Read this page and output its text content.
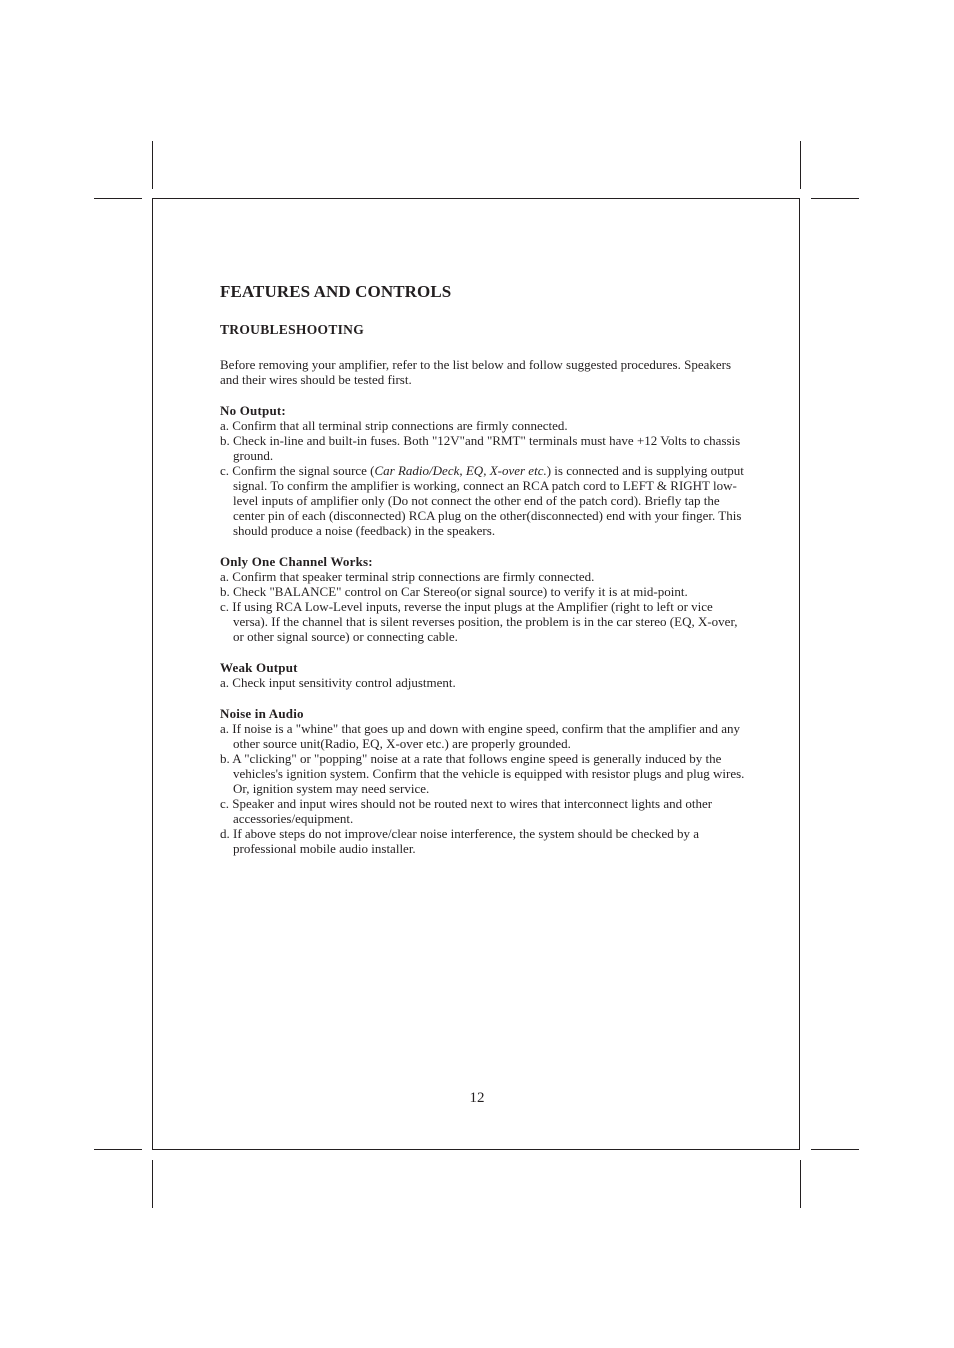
FEATURES AND CONTROLS
TROUBLESHOOTING

Before removing your amplifier, refer to the list below and follow suggested procedures. Speakers and their wires should be tested first.

No Output:

a. Confirm that all terminal strip connections are firmly connected.
b. Check in-line and built-in fuses. Both "12V"and "RMT" terminals must have +12 Volts to chassis ground.
c. Confirm the signal source (Car Radio/Deck, EQ, X-over etc.) is connected and is supplying output signal. To confirm the amplifier is working, connect an RCA patch cord to LEFT & RIGHT low-level inputs of amplifier only (Do not connect the other end of the patch cord). Briefly tap the center pin of each (disconnected) RCA plug on the other(disconnected) end with your finger. This should produce a noise (feedback) in the speakers.

Only One Channel Works:

a. Confirm that speaker terminal strip connections are firmly connected.
b. Check "BALANCE" control on Car Stereo(or signal source) to verify it is at mid-point.
c. If using RCA Low-Level inputs, reverse the input plugs at the Amplifier (right to left or vice versa). If the channel that is silent reverses position, the problem is in the car stereo (EQ, X-over, or other signal source) or connecting cable.

Weak Output

a. Check input sensitivity control adjustment.

Noise in Audio

a. If noise is a "whine" that goes up and down with engine speed, confirm that the amplifier and any other source unit(Radio, EQ, X-over etc.) are properly grounded.
b. A "clicking" or "popping" noise at a rate that follows engine speed is generally induced by the vehicles's ignition system. Confirm that the vehicle is equipped with resistor plugs and plug wires. Or, ignition system may need service.
c. Speaker and input wires should not be routed next to wires that interconnect lights and other accessories/equipment.
d. If above steps do not improve/clear noise interference, the system should be checked by a professional mobile audio installer.
12
